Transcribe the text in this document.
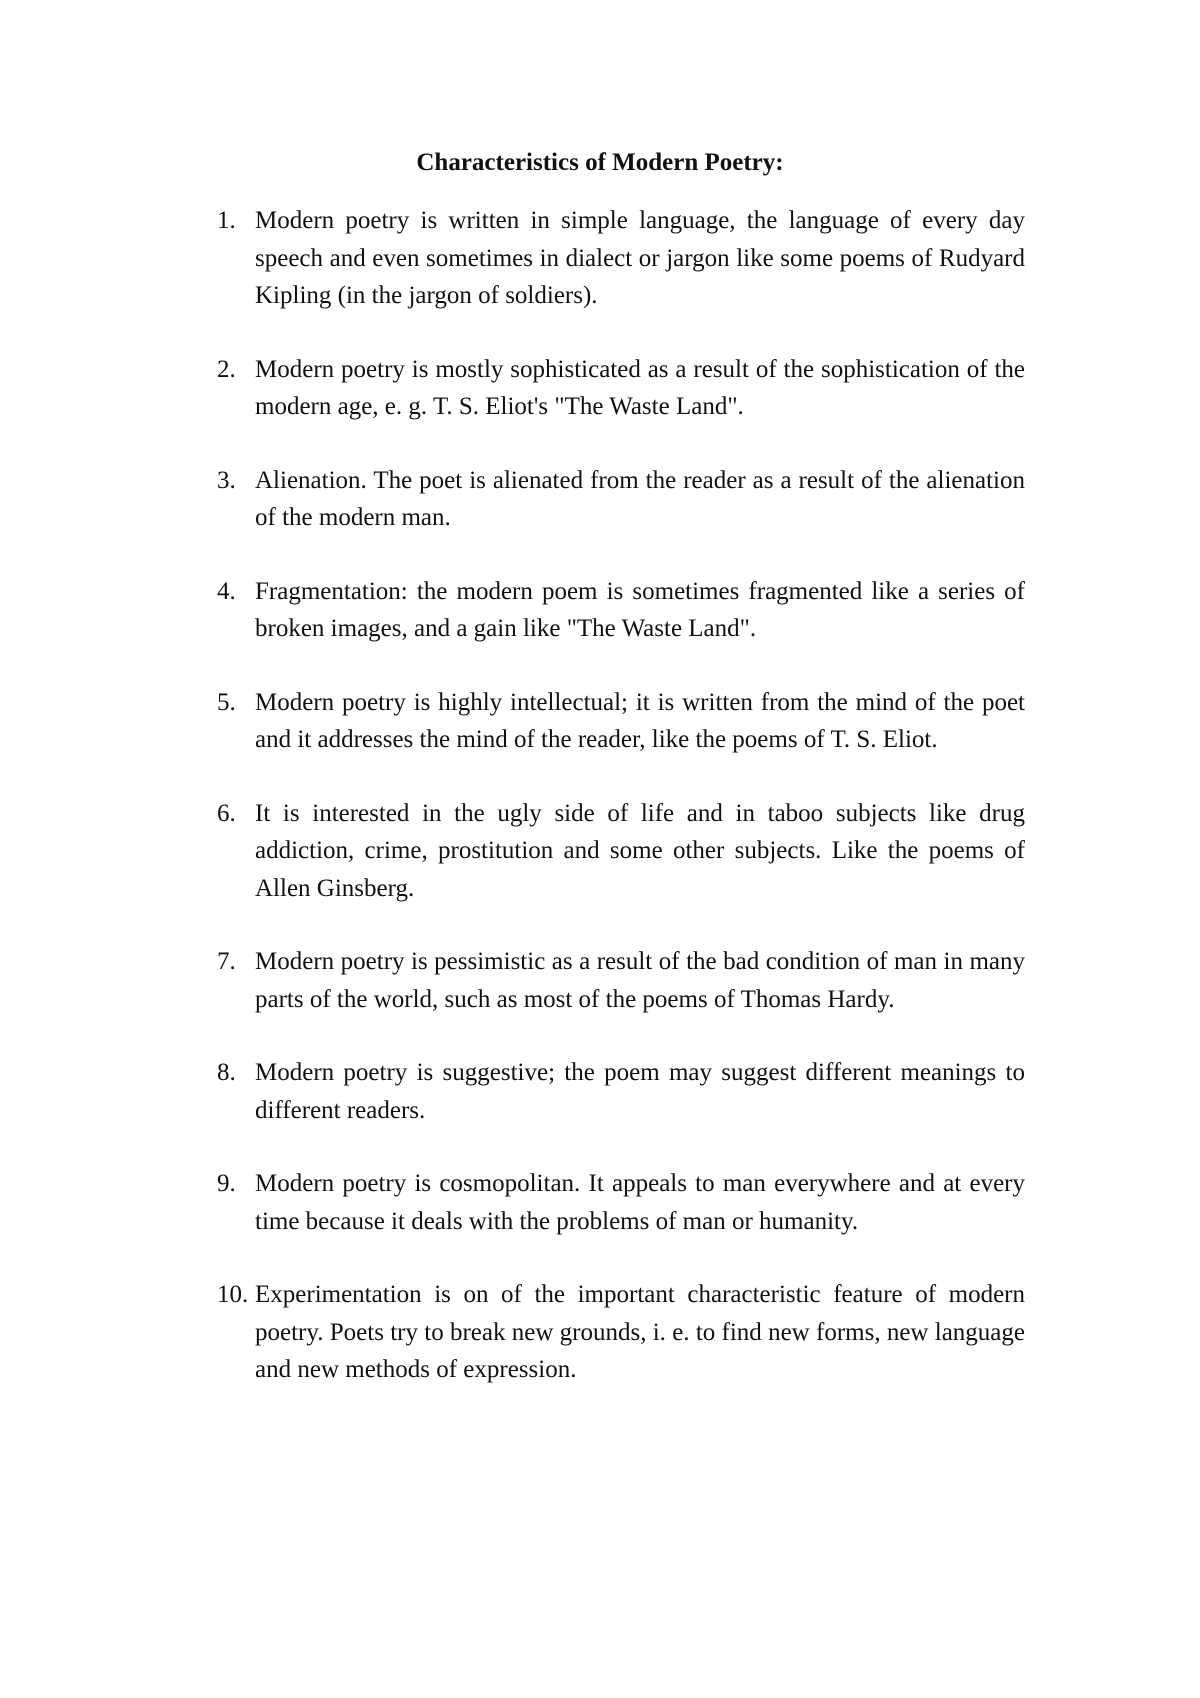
Characteristics of Modern Poetry:
1. Modern poetry is written in simple language, the language of every day speech and even sometimes in dialect or jargon like some poems of Rudyard Kipling (in the jargon of soldiers).
2. Modern poetry is mostly sophisticated as a result of the sophistication of the modern age, e. g. T. S. Eliot's "The Waste Land".
3. Alienation. The poet is alienated from the reader as a result of the alienation of the modern man.
4. Fragmentation: the modern poem is sometimes fragmented like a series of broken images, and a gain like "The Waste Land".
5. Modern poetry is highly intellectual; it is written from the mind of the poet and it addresses the mind of the reader, like the poems of T. S. Eliot.
6. It is interested in the ugly side of life and in taboo subjects like drug addiction, crime, prostitution and some other subjects. Like the poems of Allen Ginsberg.
7. Modern poetry is pessimistic as a result of the bad condition of man in many parts of the world, such as most of the poems of Thomas Hardy.
8. Modern poetry is suggestive; the poem may suggest different meanings to different readers.
9. Modern poetry is cosmopolitan. It appeals to man everywhere and at every time because it deals with the problems of man or humanity.
10. Experimentation is on of the important characteristic feature of modern poetry. Poets try to break new grounds, i. e. to find new forms, new language and new methods of expression.
